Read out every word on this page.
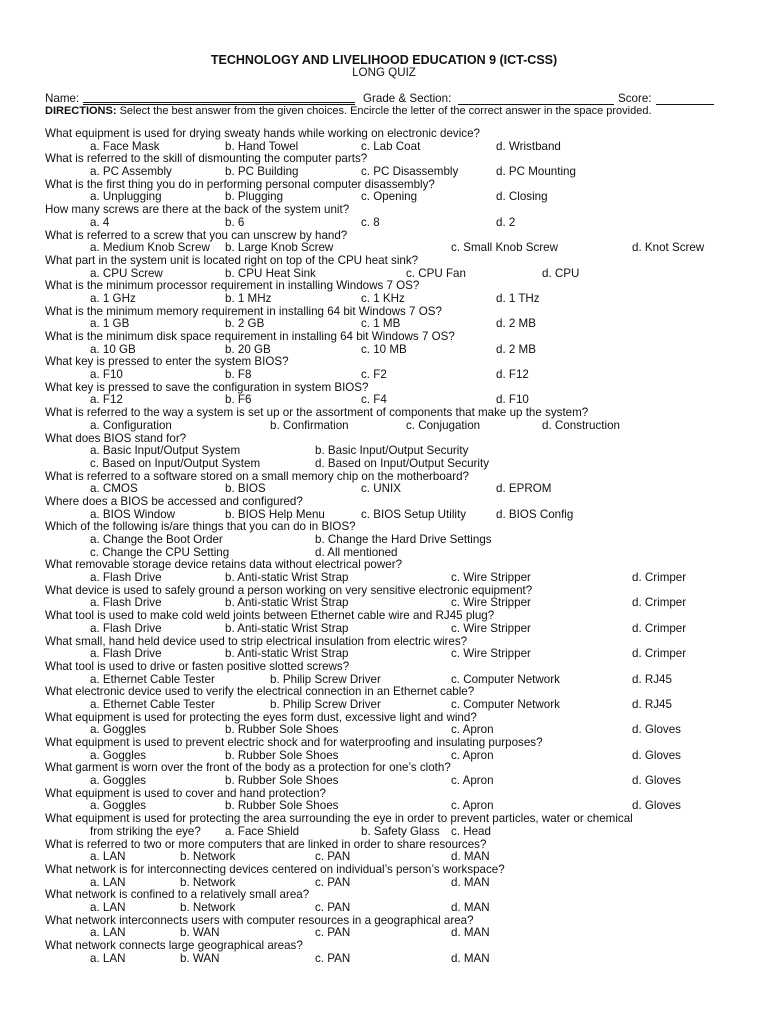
TECHNOLOGY AND LIVELIHOOD EDUCATION 9 (ICT-CSS)
LONG QUIZ
Name:	Grade & Section:	Score:
DIRECTIONS: Select the best answer from the given choices. Encircle the letter of the correct answer in the space provided.
What equipment is used for drying sweaty hands while working on electronic device?
a. Face Mask	b. Hand Towel	c. Lab Coat	d. Wristband
What is referred to the skill of dismounting the computer parts?
a. PC Assembly	b. PC Building	c. PC Disassembly	d. PC Mounting
What is the first thing you do in performing personal computer disassembly?
a. Unplugging	b. Plugging	c. Opening	d. Closing
How many screws are there at the back of the system unit?
a. 4	b. 6	c. 8	d. 2
What is referred to a screw that you can unscrew by hand?
a. Medium Knob Screw b. Large Knob Screw	c. Small Knob Screw	d. Knot Screw
What part in the system unit is located right on top of the CPU heat sink?
a. CPU Screw	b. CPU Heat Sink	c. CPU Fan	d. CPU
What is the minimum processor requirement in installing Windows 7 OS?
a. 1 GHz	b. 1 MHz	c. 1 KHz	d. 1 THz
What is the minimum memory requirement in installing 64 bit Windows 7 OS?
a. 1 GB	b. 2 GB	c. 1 MB	d. 2 MB
What is the minimum disk space requirement in installing 64 bit Windows 7 OS?
a. 10 GB	b. 20 GB	c. 10 MB	d. 2 MB
What key is pressed to enter the system BIOS?
a. F10	b. F8	c. F2	d. F12
What key is pressed to save the configuration in system BIOS?
a. F12	b. F6	c. F4	d. F10
What is referred to the way a system is set up or the assortment of components that make up the system?
a. Configuration	b. Confirmation	c. Conjugation	d. Construction
What does BIOS stand for?
a. Basic Input/Output System	b. Basic Input/Output Security
c. Based on Input/Output System	d. Based on Input/Output Security
What is referred to a software stored on a small memory chip on the motherboard?
a. CMOS	b. BIOS	c. UNIX	d. EPROM
Where does a BIOS be accessed and configured?
a. BIOS Window	b. BIOS Help Menu	c. BIOS Setup Utility	d. BIOS Config
Which of the following is/are things that you can do in BIOS?
a. Change the Boot Order	b. Change the Hard Drive Settings
c. Change the CPU Setting	d. All mentioned
What removable storage device retains data without electrical power?
a. Flash Drive	b. Anti-static Wrist Strap	c. Wire Stripper	d. Crimper
What device is used to safely ground a person working on very sensitive electronic equipment?
a. Flash Drive	b. Anti-static Wrist Strap	c. Wire Stripper	d. Crimper
What tool is used to make cold weld joints between Ethernet cable wire and RJ45 plug?
a. Flash Drive	b. Anti-static Wrist Strap	c. Wire Stripper	d. Crimper
What small, hand held device used to strip electrical insulation from electric wires?
a. Flash Drive	b. Anti-static Wrist Strap	c. Wire Stripper	d. Crimper
What tool is used to drive or fasten positive slotted screws?
a. Ethernet Cable Tester	b. Philip Screw Driver	c. Computer Network	d. RJ45
What electronic device used to verify the electrical connection in an Ethernet cable?
a. Ethernet Cable Tester	b. Philip Screw Driver	c. Computer Network	d. RJ45
What equipment is used for protecting the eyes form dust, excessive light and wind?
a. Goggles	b. Rubber Sole Shoes	c. Apron	d. Gloves
What equipment is used to prevent electric shock and for waterproofing and insulating purposes?
a. Goggles	b. Rubber Sole Shoes	c. Apron	d. Gloves
What garment is worn over the front of the body as a protection for one’s cloth?
a. Goggles	b. Rubber Sole Shoes	c. Apron	d. Gloves
What equipment is used to cover and hand protection?
a. Goggles	b. Rubber Sole Shoes	c. Apron	d. Gloves
What equipment is used for protecting the area surrounding the eye in order to prevent particles, water or chemical
from striking the eye? a. Face Shield	b. Safety Glass c. Head
What is referred to two or more computers that are linked in order to share resources?
a. LAN	b. Network	c. PAN	d. MAN
What network is for interconnecting devices centered on individual’s person’s workspace?
a. LAN	b. Network	c. PAN	d. MAN
What network is confined to a relatively small area?
a. LAN	b. Network	c. PAN	d. MAN
What network interconnects users with computer resources in a geographical area?
a. LAN	b. WAN	c. PAN	d. MAN
What network connects large geographical areas?
a. LAN	b. WAN	c. PAN	d. MAN
